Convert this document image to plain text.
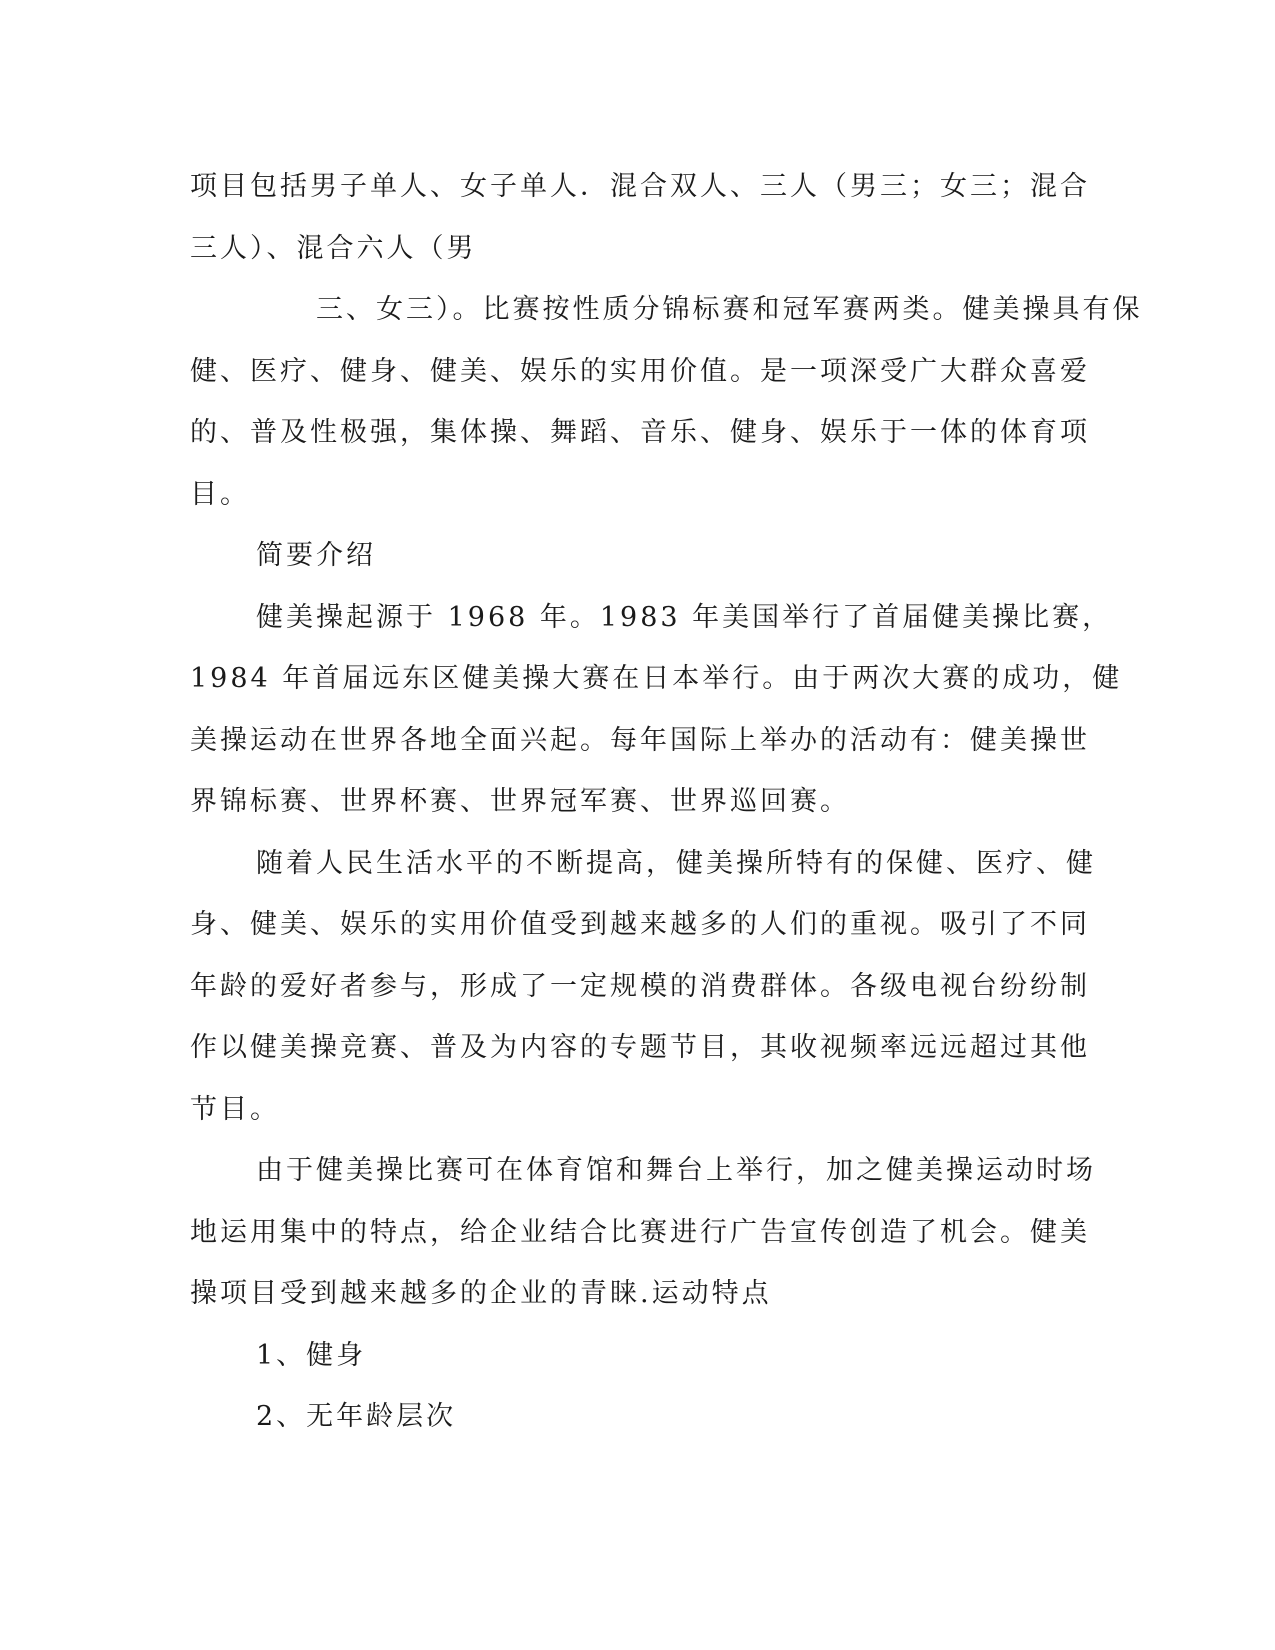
项目包括男子单人、女子单人．混合双人、三人（男三；女三；混合
三人）、混合六人（男

三、女三）。比赛按性质分锦标赛和冠军赛两类。健美操具有保
健、医疗、健身、健美、娱乐的实用价值。是一项深受广大群众喜爱
的、普及性极强，集体操、舞蹈、音乐、健身、娱乐于一体的体育项
目。

简要介绍

健美操起源于 1968 年。1983 年美国举行了首届健美操比赛，
1984 年首届远东区健美操大赛在日本举行。由于两次大赛的成功，健
美操运动在世界各地全面兴起。每年国际上举办的活动有：健美操世
界锦标赛、世界杯赛、世界冠军赛、世界巡回赛。

随着人民生活水平的不断提高，健美操所特有的保健、医疗、健
身、健美、娱乐的实用价值受到越来越多的人们的重视。吸引了不同
年龄的爱好者参与，形成了一定规模的消费群体。各级电视台纷纷制
作以健美操竞赛、普及为内容的专题节目，其收视频率远远超过其他
节目。

由于健美操比赛可在体育馆和舞台上举行，加之健美操运动时场
地运用集中的特点，给企业结合比赛进行广告宣传创造了机会。健美
操项目受到越来越多的企业的青睐.运动特点

1、健身

2、无年龄层次
